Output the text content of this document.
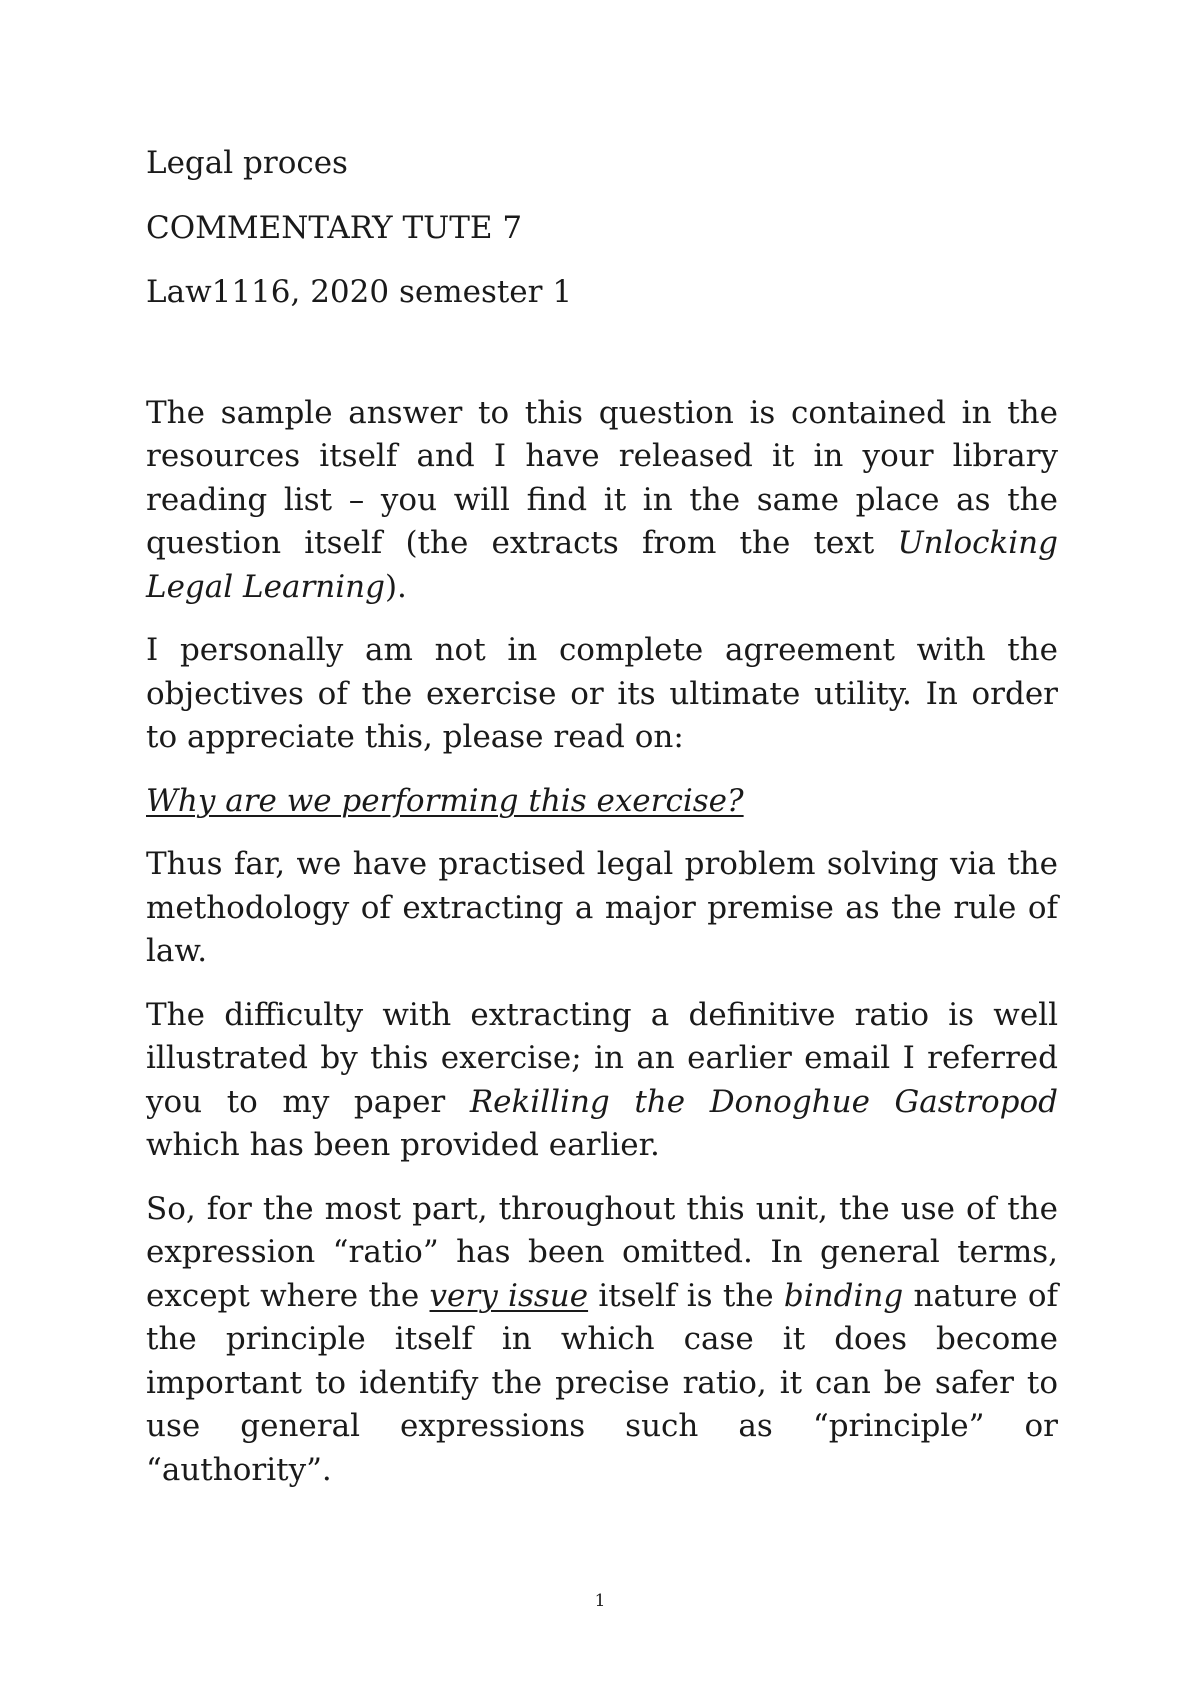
Legal proces

COMMENTARY TUTE 7

Law1116, 2020 semester 1

The sample answer to this question is contained in the resources itself and I have released it in your library reading list – you will find it in the same place as the question itself (the extracts from the text Unlocking Legal Learning).

I personally am not in complete agreement with the objectives of the exercise or its ultimate utility. In order to appreciate this, please read on:

Why are we performing this exercise?

Thus far, we have practised legal problem solving via the methodology of extracting a major premise as the rule of law.

The difficulty with extracting a definitive ratio is well illustrated by this exercise; in an earlier email I referred you to my paper Rekilling the Donoghue Gastropod which has been provided earlier.

So, for the most part, throughout this unit, the use of the expression “ratio” has been omitted. In general terms, except where the very issue itself is the binding nature of the principle itself in which case it does become important to identify the precise ratio, it can be safer to use general expressions such as “principle” or “authority”.

1
